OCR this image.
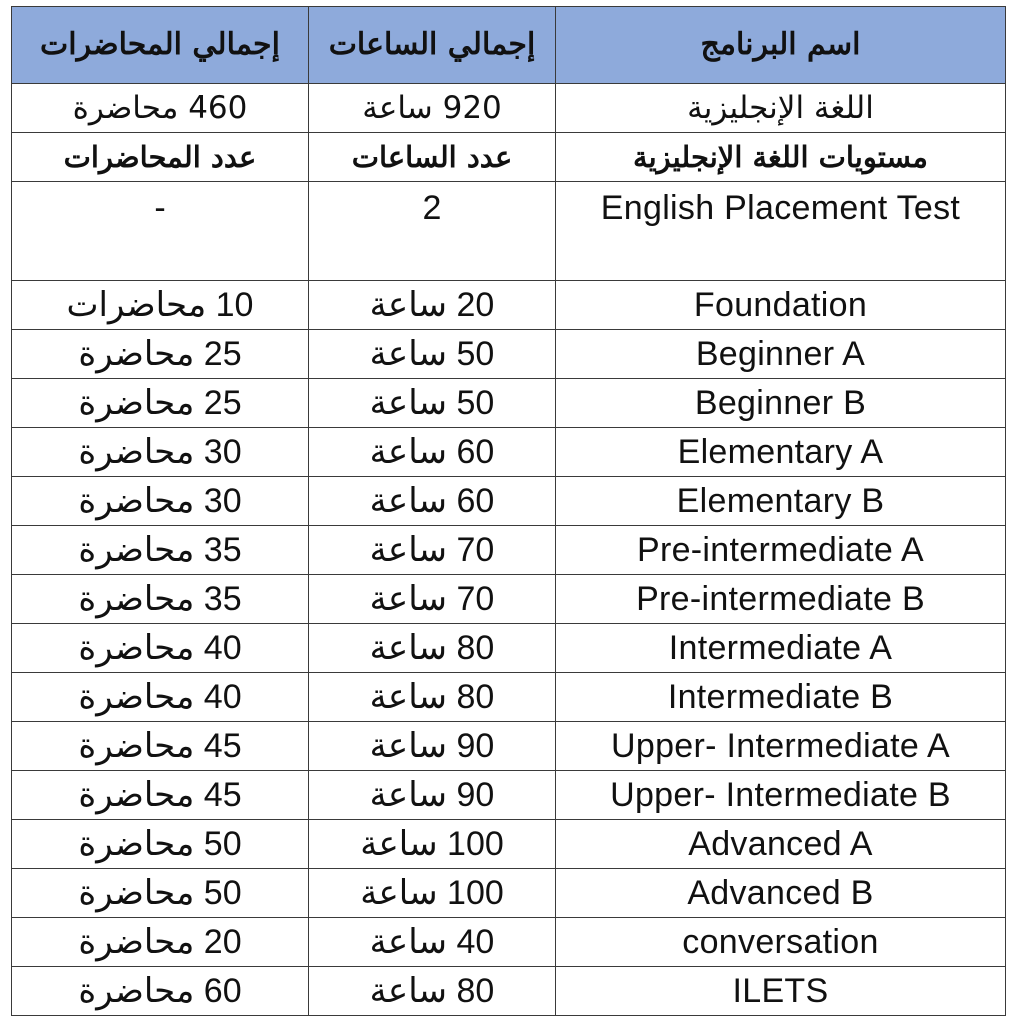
اسم البرنامج	إجمالي الساعات	إجمالي المحاضرات
اللغة الإنجليزية	920 ساعة	460 محاضرة
مستويات اللغة الإنجليزية	عدد الساعات	عدد المحاضرات
English Placement Test	2	-
Foundation	20 ساعة	10 محاضرات
Beginner A	50 ساعة	25 محاضرة
Beginner B	50 ساعة	25 محاضرة
Elementary A	60 ساعة	30 محاضرة
Elementary B	60 ساعة	30 محاضرة
Pre-intermediate A	70 ساعة	35 محاضرة
Pre-intermediate B	70 ساعة	35 محاضرة
Intermediate A	80 ساعة	40 محاضرة
Intermediate B	80 ساعة	40 محاضرة
Upper- Intermediate A	90 ساعة	45 محاضرة
Upper- Intermediate B	90 ساعة	45 محاضرة
Advanced A	100 ساعة	50 محاضرة
Advanced B	100 ساعة	50 محاضرة
conversation	40 ساعة	20 محاضرة
ILETS	80 ساعة	60 محاضرة
